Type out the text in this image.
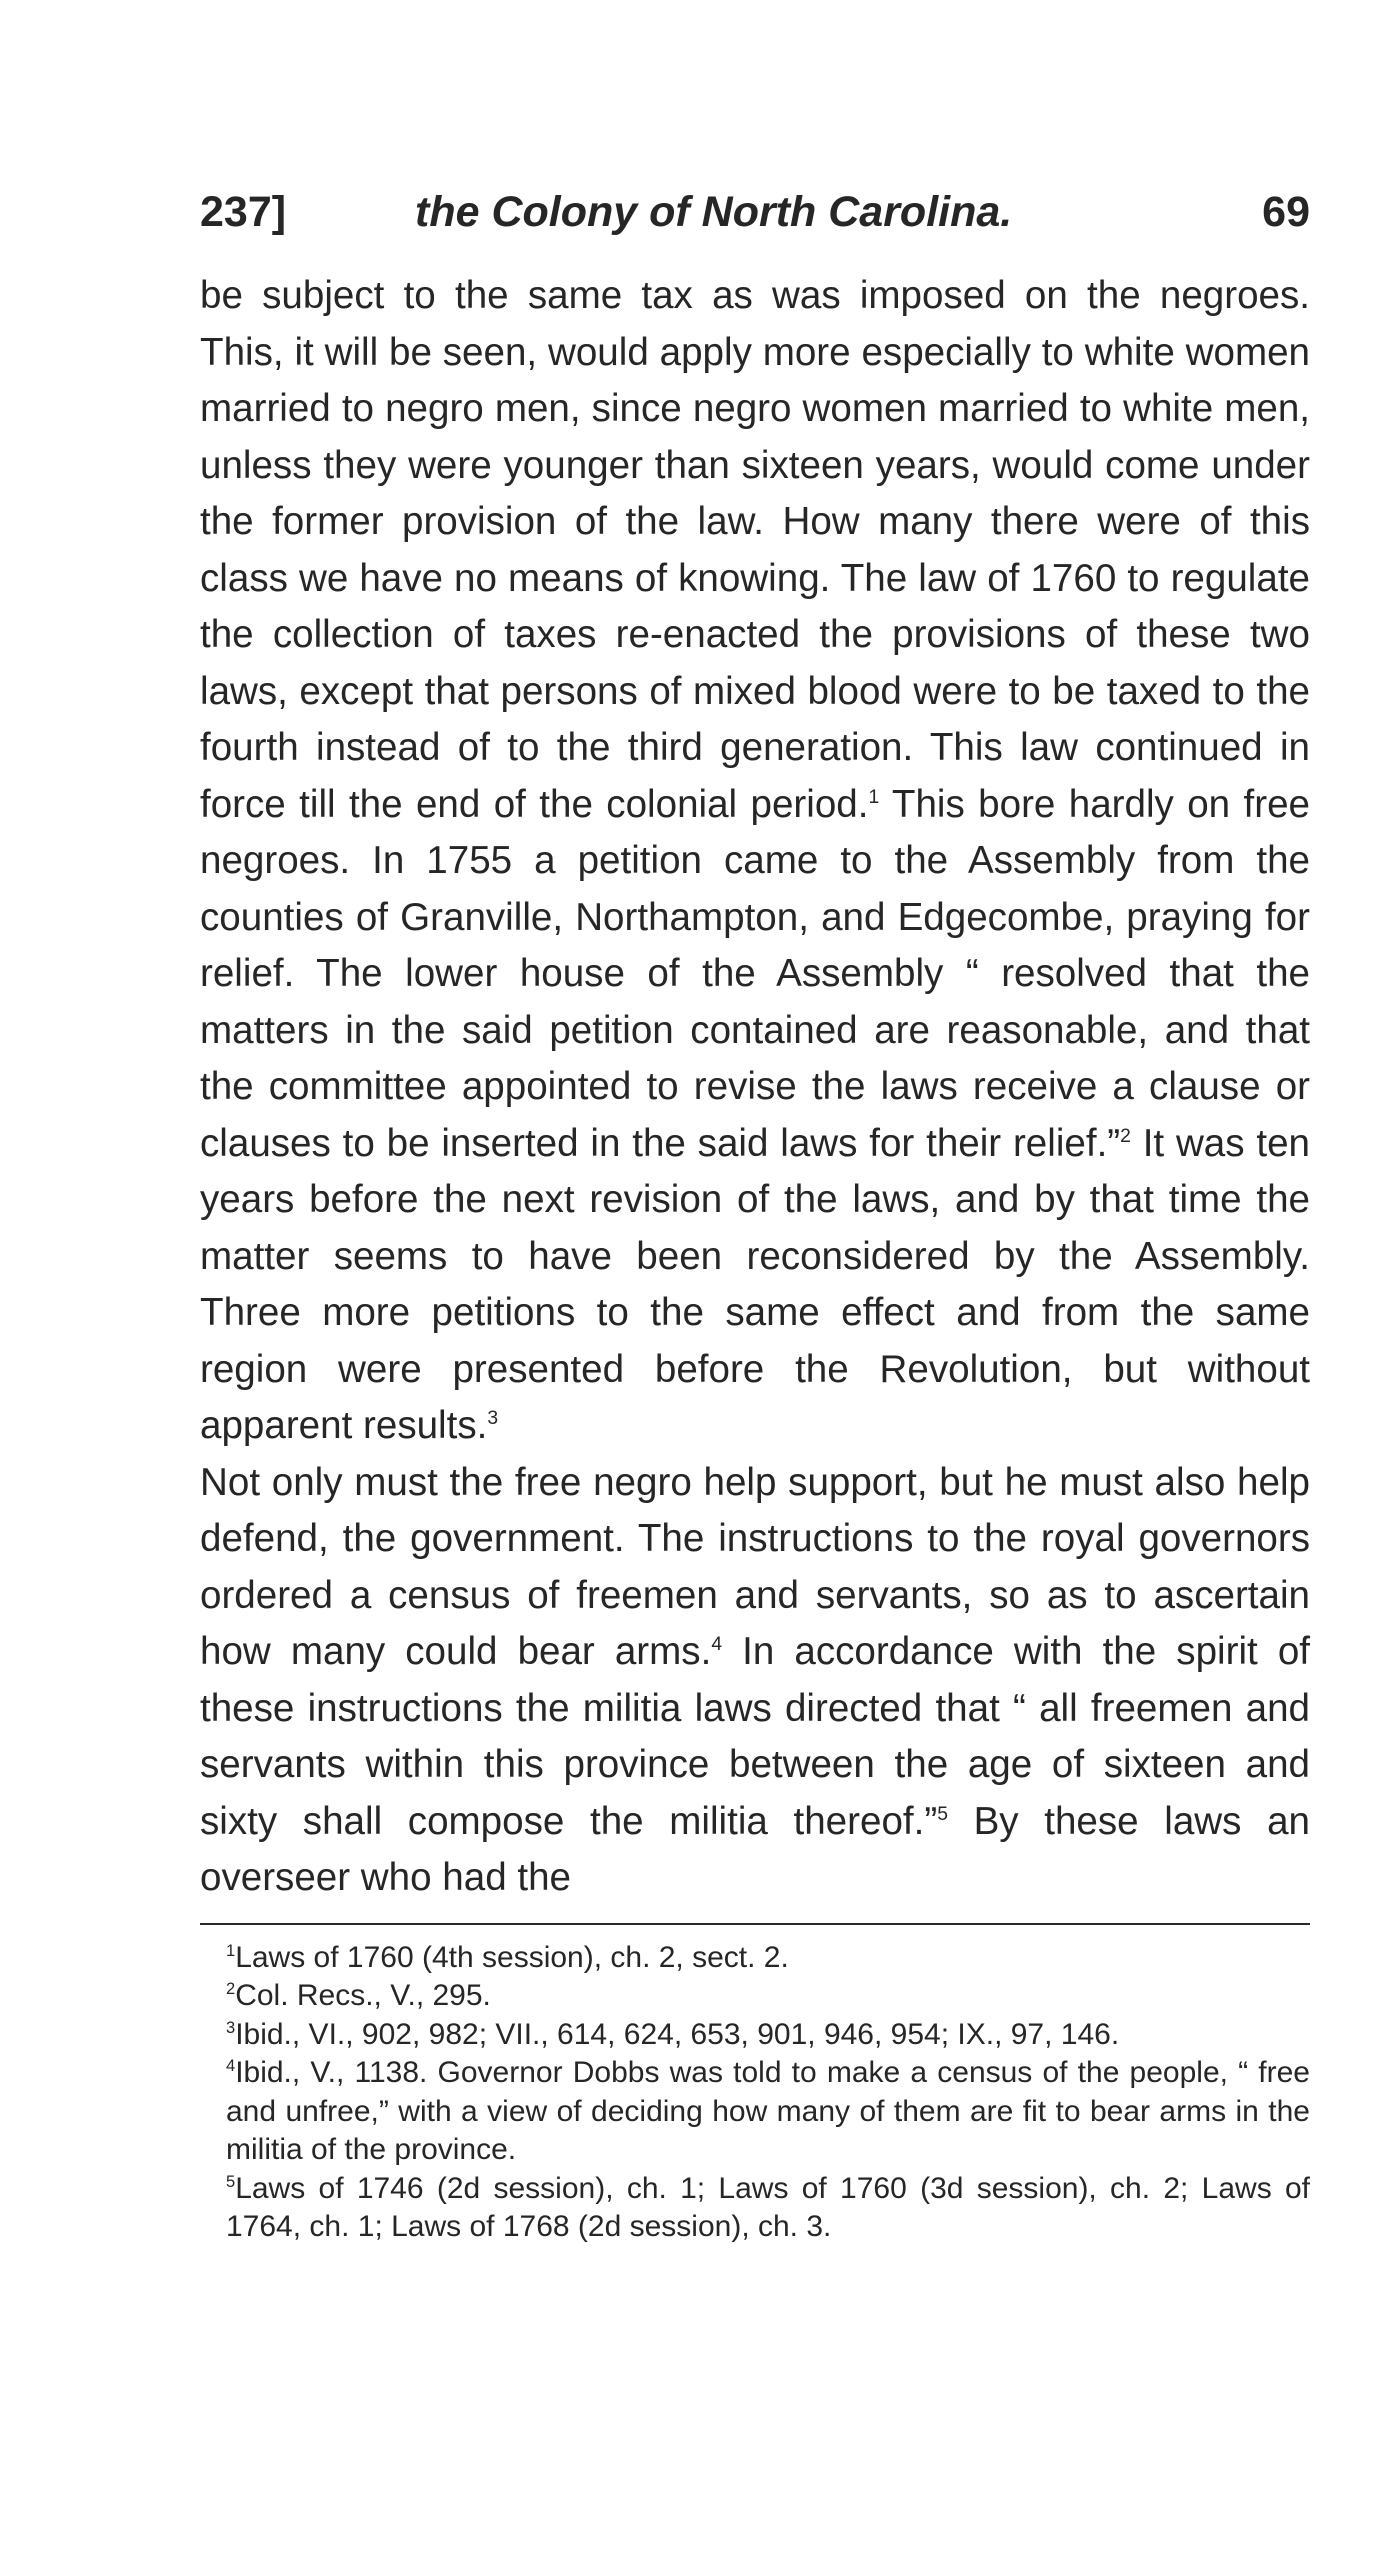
237]	the Colony of North Carolina.	69

be subject to the same tax as was imposed on the negroes. This, it will be seen, would apply more especially to white women married to negro men, since negro women married to white men, unless they were younger than sixteen years, would come under the former provision of the law. How many there were of this class we have no means of knowing. The law of 1760 to regulate the collection of taxes re-enacted the provisions of these two laws, except that persons of mixed blood were to be taxed to the fourth instead of to the third generation. This law continued in force till the end of the colonial period.$^1$ This bore hardly on free negroes. In 1755 a petition came to the Assembly from the counties of Granville, Northampton, and Edgecombe, praying for relief. The lower house of the Assembly “ resolved that the matters in the said petition contained are reasonable, and that the committee appointed to revise the laws receive a clause or clauses to be inserted in the said laws for their relief.”$^2$ It was ten years before the next revision of the laws, and by that time the matter seems to have been reconsidered by the Assembly. Three more petitions to the same effect and from the same region were presented before the Revolution, but without apparent results.$^3$

Not only must the free negro help support, but he must also help defend, the government. The instructions to the royal governors ordered a census of freemen and servants, so as to ascertain how many could bear arms.$^4$ In accordance with the spirit of these instructions the militia laws directed that “ all freemen and servants within this province between the age of sixteen and sixty shall compose the militia thereof.”$^5$ By these laws an overseer who had the

$^1$Laws of 1760 (4th session), ch. 2, sect. 2.

$^2$Col. Recs., V., 295.

$^3$Ibid., VI., 902, 982; VII., 614, 624, 653, 901, 946, 954; IX., 97, 146.

$^4$Ibid., V., 1138. Governor Dobbs was told to make a census of the people, “ free and unfree,” with a view of deciding how many of them are fit to bear arms in the militia of the province.

$^5$Laws of 1746 (2d session), ch. 1; Laws of 1760 (3d session), ch. 2; Laws of 1764, ch. 1; Laws of 1768 (2d session), ch. 3.
